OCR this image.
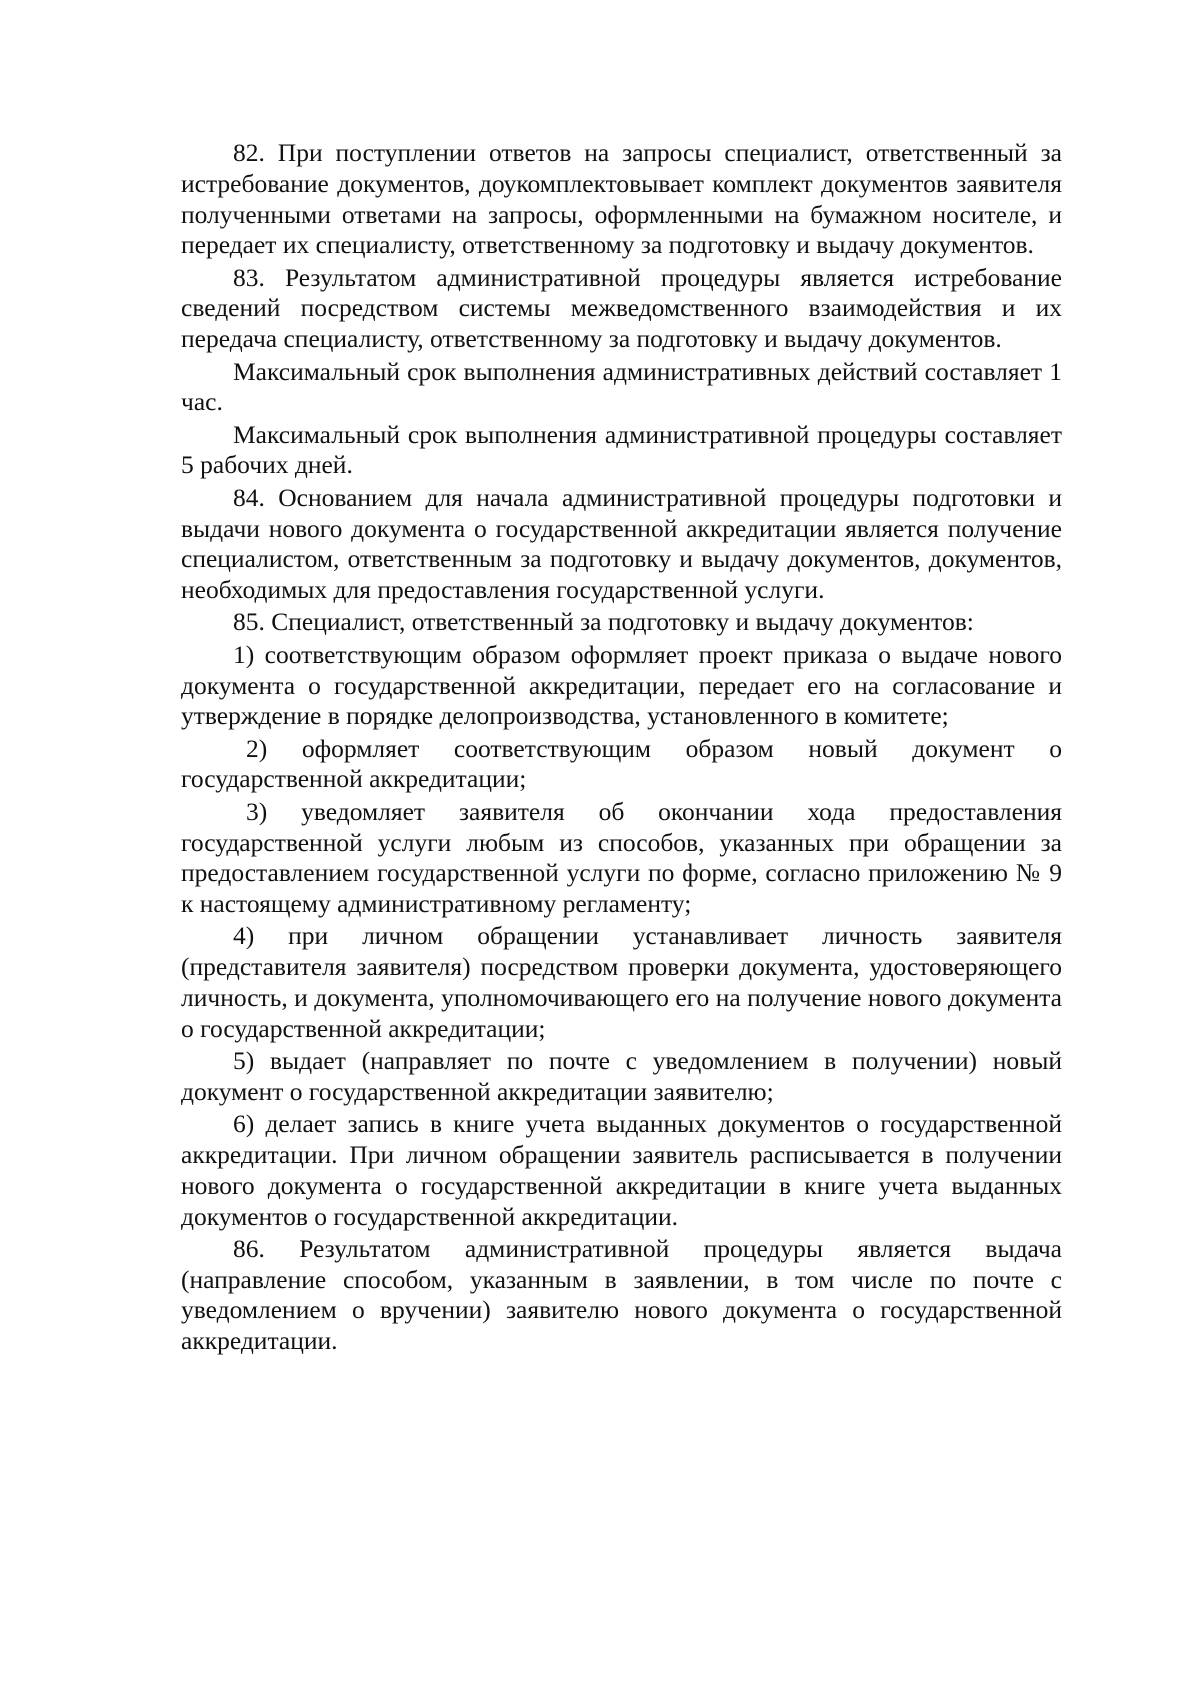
82. При поступлении ответов на запросы специалист, ответственный за истребование документов, доукомплектовывает комплект документов заявителя полученными ответами на запросы, оформленными на бумажном носителе, и передает их специалисту, ответственному за подготовку и выдачу документов.

83. Результатом административной процедуры является истребование сведений посредством системы межведомственного взаимодействия и их передача специалисту, ответственному за подготовку и выдачу документов.

Максимальный срок выполнения административных действий составляет 1 час.

Максимальный срок выполнения административной процедуры составляет 5 рабочих дней.

84. Основанием для начала административной процедуры подготовки и выдачи нового документа о государственной аккредитации является получение специалистом, ответственным за подготовку и выдачу документов, документов, необходимых для предоставления государственной услуги.

85. Специалист, ответственный за подготовку и выдачу документов:

1) соответствующим образом оформляет проект приказа о выдаче нового документа о государственной аккредитации, передает его на согласование и утверждение в порядке делопроизводства, установленного в комитете;

2) оформляет соответствующим образом новый документ о государственной аккредитации;

3) уведомляет заявителя об окончании хода предоставления государственной услуги любым из способов, указанных при обращении за предоставлением государственной услуги по форме, согласно приложению № 9 к настоящему административному регламенту;

4) при личном обращении устанавливает личность заявителя (представителя заявителя) посредством проверки документа, удостоверяющего личность, и документа, уполномочивающего его на получение нового документа о государственной аккредитации;

5) выдает (направляет по почте с уведомлением в получении) новый документ о государственной аккредитации заявителю;

6) делает запись в книге учета выданных документов о государственной аккредитации. При личном обращении заявитель расписывается в получении нового документа о государственной аккредитации в книге учета выданных документов о государственной аккредитации.

86. Результатом административной процедуры является выдача (направление способом, указанным в заявлении, в том числе по почте с уведомлением о вручении) заявителю нового документа о государственной аккредитации.
